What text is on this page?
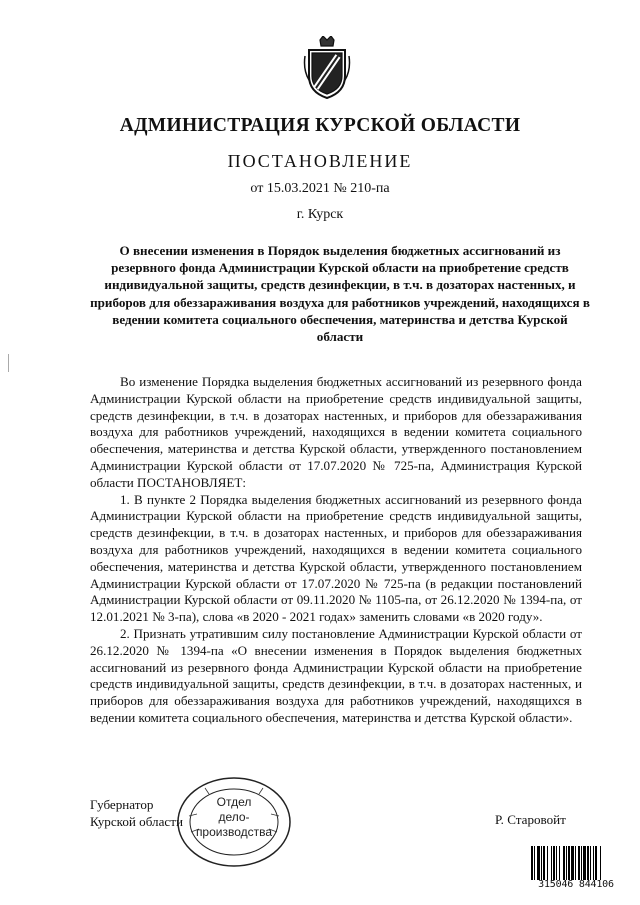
АДМИНИСТРАЦИЯ КУРСКОЙ ОБЛАСТИ
ПОСТАНОВЛЕНИЕ
от 15.03.2021 № 210-па
г. Курск
О внесении изменения в Порядок выделения бюджетных ассигнований из резервного фонда Администрации Курской области на приобретение средств индивидуальной защиты, средств дезинфекции, в т.ч. в дозаторах настенных, и приборов для обеззараживания воздуха для работников учреждений, находящихся в ведении комитета социального обеспечения, материнства и детства Курской области

Во изменение Порядка выделения бюджетных ассигнований из резервного фонда Администрации Курской области на приобретение средств индивидуальной защиты, средств дезинфекции, в т.ч. в дозаторах настенных, и приборов для обеззараживания воздуха для работников учреждений, находящихся в ведении комитета социального обеспечения, материнства и детства Курской области, утвержденного постановлением Администрации Курской области от 17.07.2020 № 725-па, Администрация Курской области ПОСТАНОВЛЯЕТ:

1. В пункте 2 Порядка выделения бюджетных ассигнований из резервного фонда Администрации Курской области на приобретение средств индивидуальной защиты, средств дезинфекции, в т.ч. в дозаторах настенных, и приборов для обеззараживания воздуха для работников учреждений, находящихся в ведении комитета социального обеспечения, материнства и детства Курской области, утвержденного постановлением Администрации Курской области от 17.07.2020 № 725-па (в редакции постановлений Администрации Курской области от 09.11.2020 № 1105-па, от 26.12.2020 № 1394-па, от 12.01.2021 № 3-па), слова «в 2020 - 2021 годах» заменить словами «в 2020 году».

2. Признать утратившим силу постановление Администрации Курской области от 26.12.2020 № 1394-па «О внесении изменения в Порядок выделения бюджетных ассигнований из резервного фонда Администрации Курской области на приобретение средств индивидуальной защиты, средств дезинфекции, в т.ч. в дозаторах настенных, и приборов для обеззараживания воздуха для работников учреждений, находящихся в ведении комитета социального обеспечения, материнства и детства Курской области».

Губернатор
Курской области	Р. Старовойт
Отдел
дело-
производства
315046 844106
